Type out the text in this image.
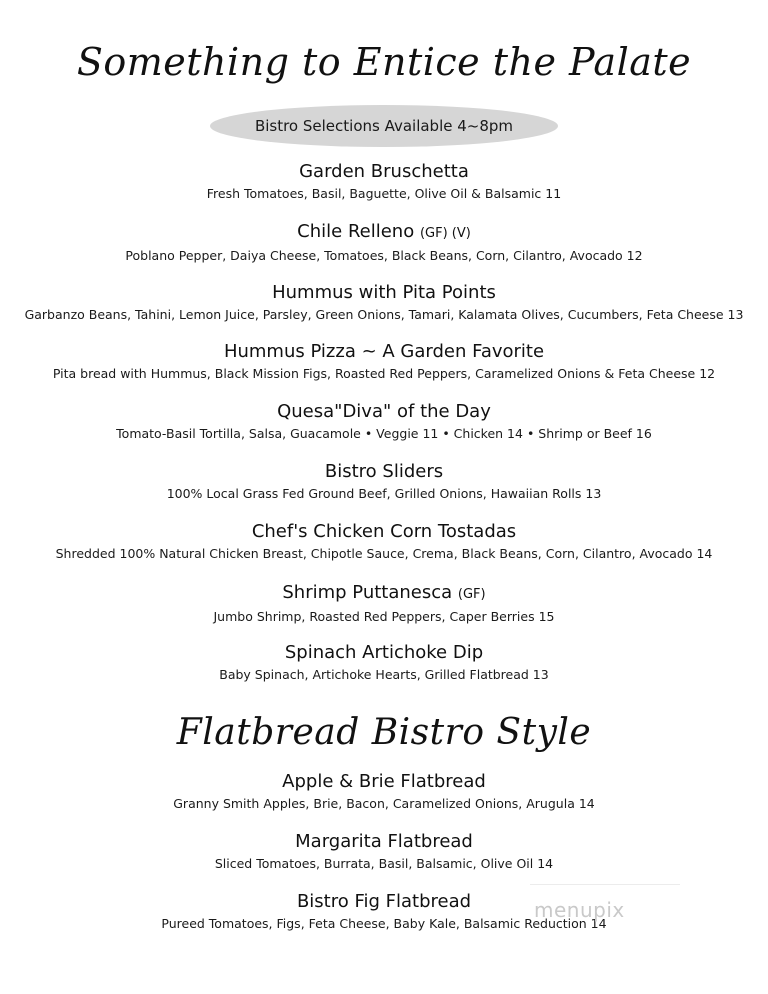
Something to Entice the Palate
Bistro Selections Available 4~8pm
Garden Bruschetta
Fresh Tomatoes, Basil, Baguette, Olive Oil & Balsamic 11
Chile Relleno (GF) (V)
Poblano Pepper, Daiya Cheese, Tomatoes, Black Beans, Corn, Cilantro, Avocado 12
Hummus with Pita Points
Garbanzo Beans, Tahini, Lemon Juice, Parsley, Green Onions, Tamari, Kalamata Olives, Cucumbers, Feta Cheese 13
Hummus Pizza ~ A Garden Favorite
Pita bread with Hummus, Black Mission Figs, Roasted Red Peppers, Caramelized Onions & Feta Cheese 12
Quesa"Diva" of the Day
Tomato-Basil Tortilla, Salsa, Guacamole • Veggie 11 • Chicken 14 • Shrimp or Beef 16
Bistro Sliders
100% Local Grass Fed Ground Beef, Grilled Onions, Hawaiian Rolls 13
Chef's Chicken Corn Tostadas
Shredded 100% Natural Chicken Breast, Chipotle Sauce, Crema, Black Beans, Corn, Cilantro, Avocado 14
Shrimp Puttanesca (GF)
Jumbo Shrimp, Roasted Red Peppers, Caper Berries 15
Spinach Artichoke Dip
Baby Spinach, Artichoke Hearts, Grilled Flatbread 13
Flatbread Bistro Style
Apple & Brie Flatbread
Granny Smith Apples, Brie, Bacon, Caramelized Onions, Arugula 14
Margarita Flatbread
Sliced Tomatoes, Burrata, Basil, Balsamic, Olive Oil 14
Bistro Fig Flatbread
Pureed Tomatoes, Figs, Feta Cheese, Baby Kale, Balsamic Reduction 14
menupix
